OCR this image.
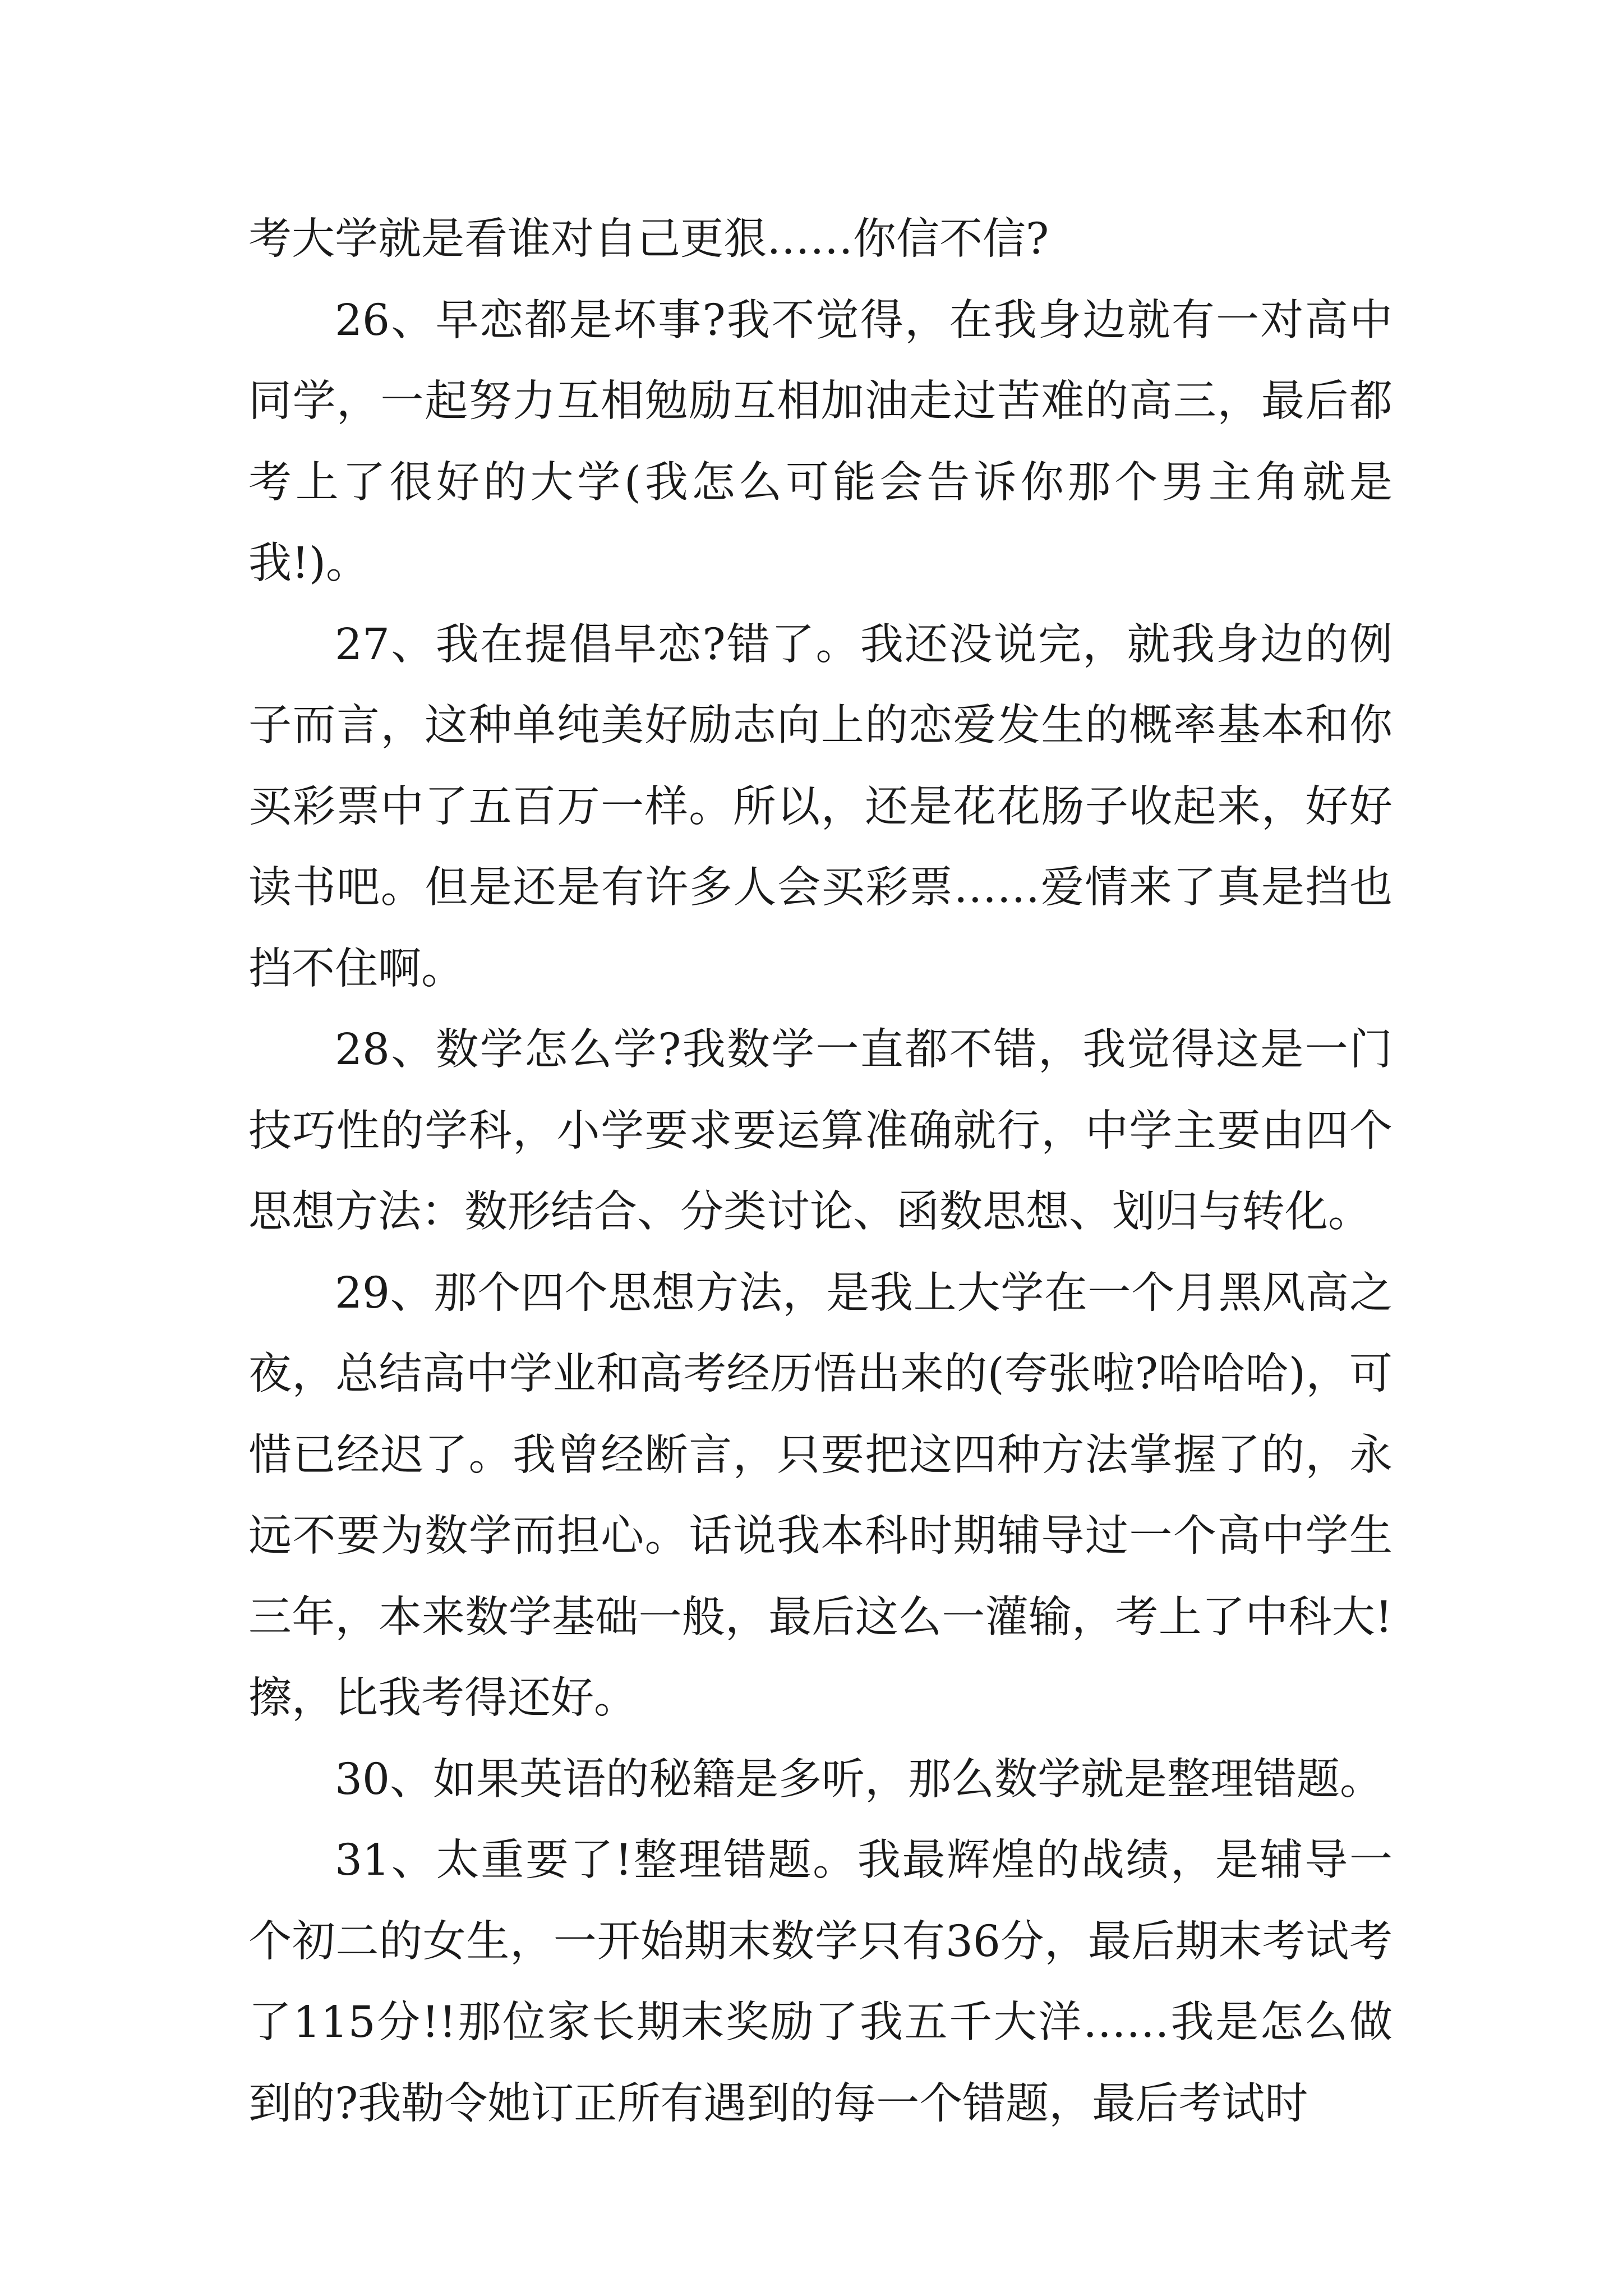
考大学就是看谁对自己更狠……你信不信?

26、早恋都是坏事?我不觉得，在我身边就有一对高中同学，一起努力互相勉励互相加油走过苦难的高三，最后都考上了很好的大学(我怎么可能会告诉你那个男主角就是我!)。

27、我在提倡早恋?错了。我还没说完，就我身边的例子而言，这种单纯美好励志向上的恋爱发生的概率基本和你买彩票中了五百万一样。所以，还是花花肠子收起来，好好读书吧。但是还是有许多人会买彩票……爱情来了真是挡也挡不住啊。

28、数学怎么学?我数学一直都不错，我觉得这是一门技巧性的学科，小学要求要运算准确就行，中学主要由四个思想方法：数形结合、分类讨论、函数思想、划归与转化。

29、那个四个思想方法，是我上大学在一个月黑风高之夜，总结高中学业和高考经历悟出来的(夸张啦?哈哈哈)，可惜已经迟了。我曾经断言，只要把这四种方法掌握了的，永远不要为数学而担心。话说我本科时期辅导过一个高中学生三年，本来数学基础一般，最后这么一灌输，考上了中科大!擦，比我考得还好。

30、如果英语的秘籍是多听，那么数学就是整理错题。

31、太重要了!整理错题。我最辉煌的战绩，是辅导一个初二的女生，一开始期末数学只有36分，最后期末考试考了115分!!那位家长期末奖励了我五千大洋……我是怎么做到的?我勒令她订正所有遇到的每一个错题，最后考试时
